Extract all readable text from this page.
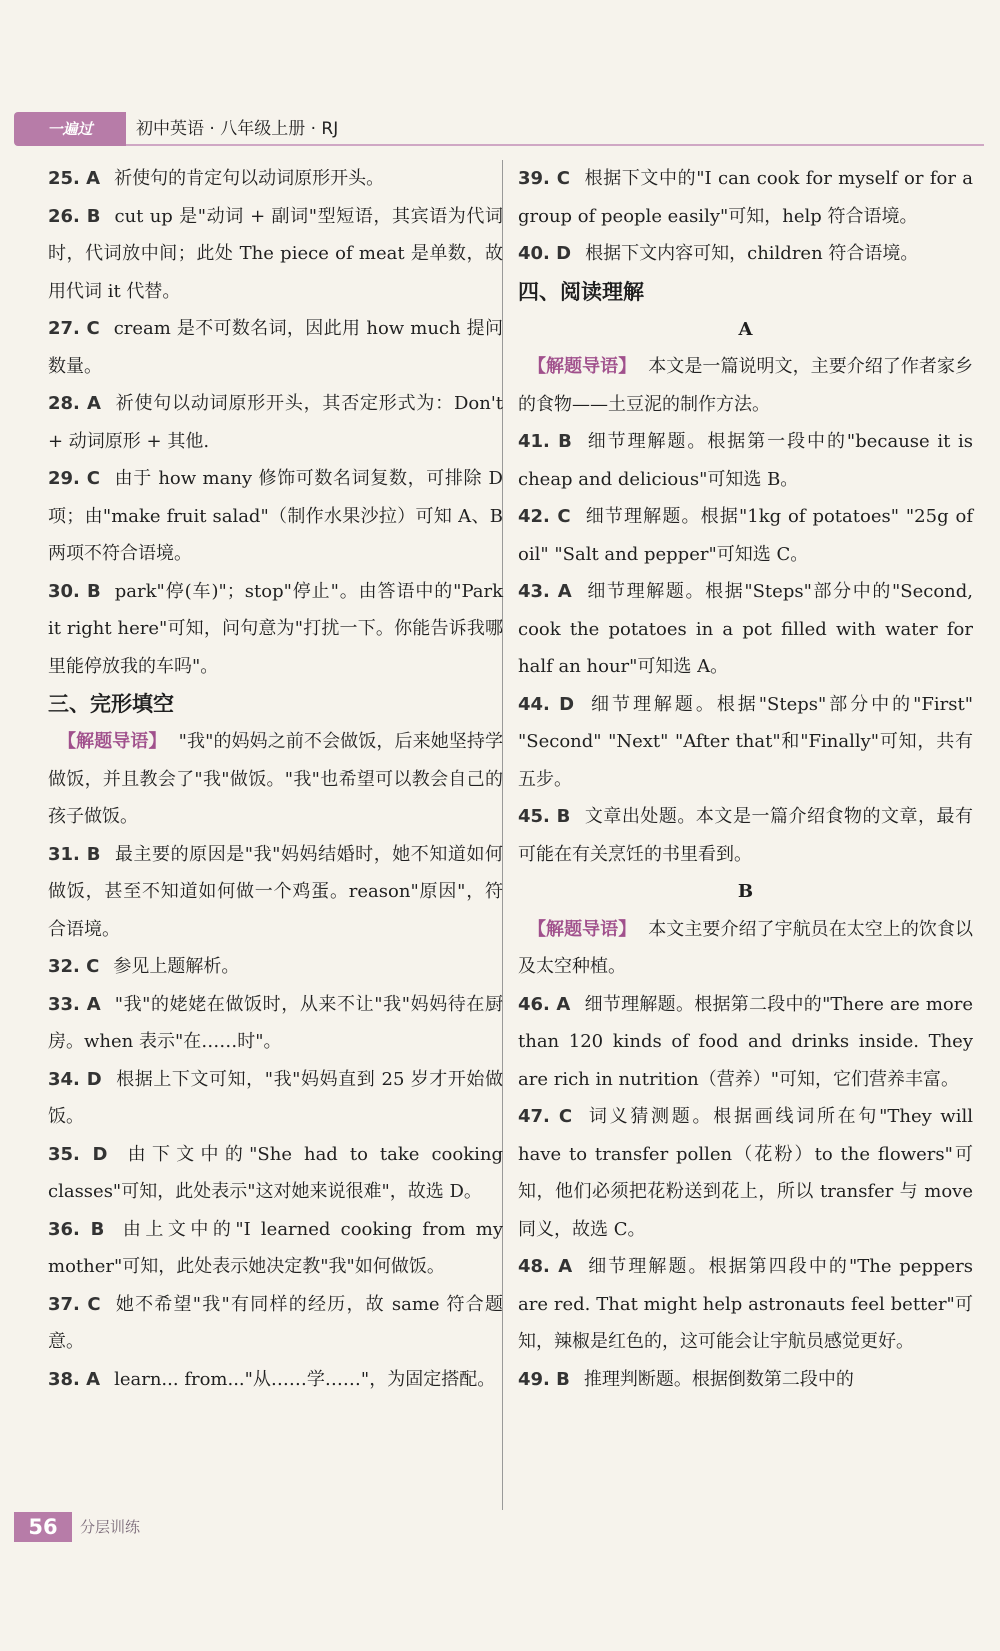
一遍过	初中英语 · 八年级上册 · RJ

25. A 祈使句的肯定句以动词原形开头。

26. B cut up 是"动词 + 副词"型短语，其宾语为代词时，代词放中间；此处 The piece of meat 是单数，故用代词 it 代替。

27. C cream 是不可数名词，因此用 how much 提问数量。

28. A 祈使句以动词原形开头，其否定形式为：Don't + 动词原形 + 其他.

29. C 由于 how many 修饰可数名词复数，可排除 D 项；由"make fruit salad"（制作水果沙拉）可知 A、B 两项不符合语境。

30. B park"停(车)"；stop"停止"。由答语中的"Park it right here"可知，问句意为"打扰一下。你能告诉我哪里能停放我的车吗"。

三、完形填空

【解题导语】 "我"的妈妈之前不会做饭，后来她坚持学做饭，并且教会了"我"做饭。"我"也希望可以教会自己的孩子做饭。

31. B 最主要的原因是"我"妈妈结婚时，她不知道如何做饭，甚至不知道如何做一个鸡蛋。reason"原因"，符合语境。

32. C 参见上题解析。

33. A "我"的姥姥在做饭时，从来不让"我"妈妈待在厨房。when 表示"在……时"。

34. D 根据上下文可知，"我"妈妈直到 25 岁才开始做饭。

35. D 由下文中的"She had to take cooking classes"可知，此处表示"这对她来说很难"，故选 D。

36. B 由上文中的"I learned cooking from my mother"可知，此处表示她决定教"我"如何做饭。

37. C 她不希望"我"有同样的经历，故 same 符合题意。

38. A learn... from..."从……学……"，为固定搭配。

39. C 根据下文中的"I can cook for myself or for a group of people easily"可知，help 符合语境。

40. D 根据下文内容可知，children 符合语境。

四、阅读理解

A

【解题导语】 本文是一篇说明文，主要介绍了作者家乡的食物——土豆泥的制作方法。

41. B 细节理解题。根据第一段中的"because it is cheap and delicious"可知选 B。

42. C 细节理解题。根据"1kg of potatoes" "25g of oil" "Salt and pepper"可知选 C。

43. A 细节理解题。根据"Steps"部分中的"Second, cook the potatoes in a pot filled with water for half an hour"可知选 A。

44. D 细节理解题。根据"Steps"部分中的"First" "Second" "Next" "After that"和"Finally"可知，共有五步。

45. B 文章出处题。本文是一篇介绍食物的文章，最有可能在有关烹饪的书里看到。

B

【解题导语】 本文主要介绍了宇航员在太空上的饮食以及太空种植。

46. A 细节理解题。根据第二段中的"There are more than 120 kinds of food and drinks inside. They are rich in nutrition（营养）"可知，它们营养丰富。

47. C 词义猜测题。根据画线词所在句"They will have to transfer pollen（花粉）to the flowers"可知，他们必须把花粉送到花上，所以 transfer 与 move 同义，故选 C。

48. A 细节理解题。根据第四段中的"The peppers are red. That might help astronauts feel better"可知，辣椒是红色的，这可能会让宇航员感觉更好。

49. B 推理判断题。根据倒数第二段中的

56	分层训练
